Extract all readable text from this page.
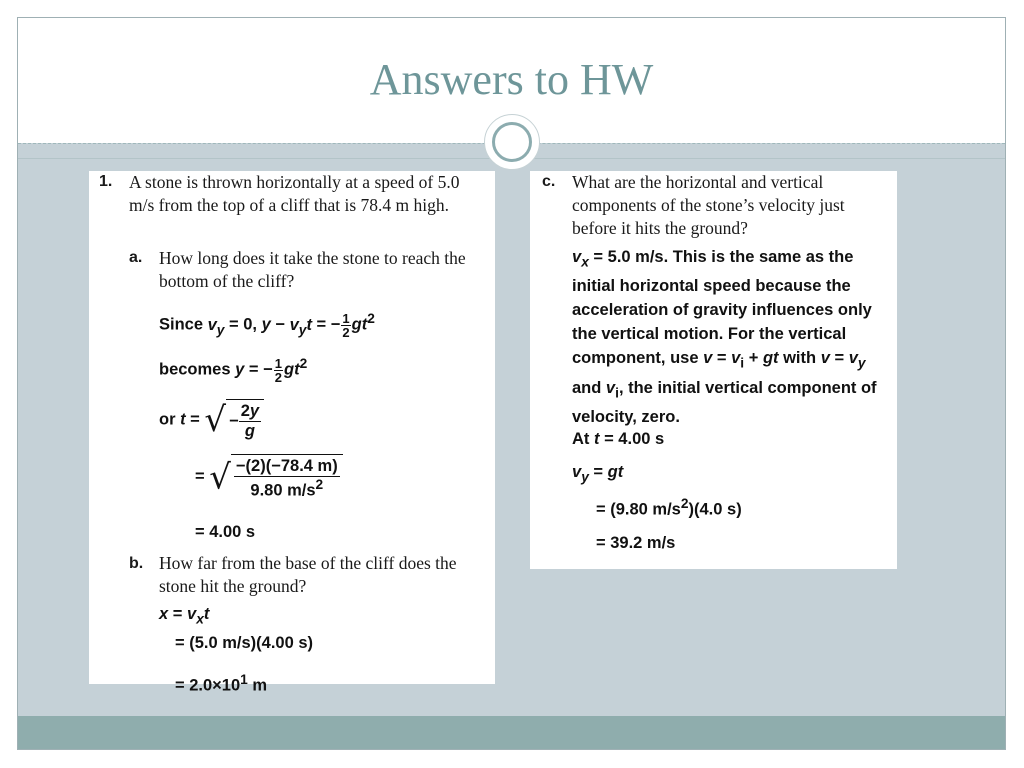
Answers to HW
1. A stone is thrown horizontally at a speed of 5.0 m/s from the top of a cliff that is 78.4 m high.
a. How long does it take the stone to reach the bottom of the cliff?
Since $v_y = 0$, $y - v_yt$ = − $\frac{1}{2} gt^2$
becomes y = − $\frac{1}{2} gt^2$
or t = √ − $\frac{2y}{g}$
= √ $\frac{-(2)(-78.4 m)}{9.80 m/s^2}$
= 4.00 s
b. How far from the base of the cliff does the stone hit the ground?
$x = v_xt$
= (5.0 m/s)(4.00 s)
= $2.0\times 10^1$ m
c. What are the horizontal and vertical components of the stone’s velocity just before it hits the ground?
$v_x = 5.0$ m/s. This is the same as the initial horizontal speed because the acceleration of gravity influences only the vertical motion. For the vertical component, use $v = v_i$ + gt with $v = v_y$ and $v_i$, the initial vertical component of velocity, zero.
At t = 4.00 s
$v_y$ = gt
= (9.80 $m/s^2)(4.0$ s)
= 39.2 m/s
